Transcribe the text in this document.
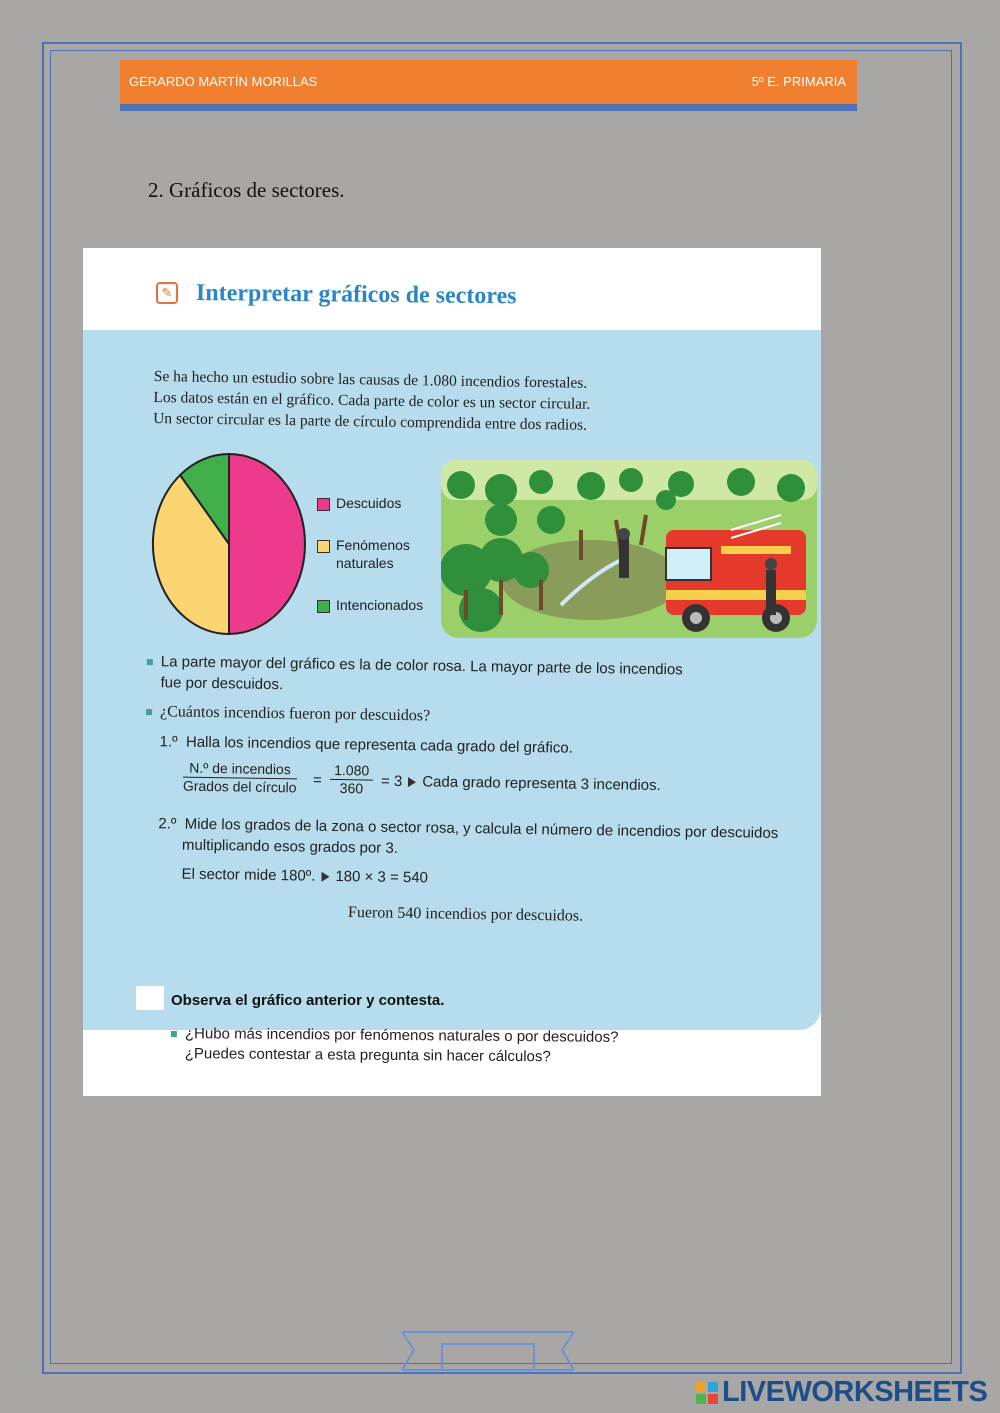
GERARDO MARTÍN MORILLAS	5º E. PRIMARIA
2. Gráficos de sectores.
✎ Interpretar gráficos de sectores
Se ha hecho un estudio sobre las causas de 1.080 incendios forestales.
Los datos están en el gráfico. Cada parte de color es un sector circular.
Un sector circular es la parte de círculo comprendida entre dos radios.
Descuidos
Fenómenos
naturales
Intencionados
La parte mayor del gráfico es la de color rosa. La mayor parte de los incendios
fue por descuidos.
¿Cuántos incendios fueron por descuidos?
1.º Halla los incendios que representa cada grado del gráfico.
N.º de incendios
Grados del círculo = $\frac{1.080}{360} = 3$ Cada grado representa 3 incendios.
2.º Mide los grados de la zona o sector rosa, y calcula el número de incendios por descuidos
multiplicando esos grados por 3.
El sector mide 180º. 180 × 3 = 540
Fueron 540 incendios por descuidos.
Observa el gráfico anterior y contesta.
¿Hubo más incendios por fenómenos naturales o por descuidos?
¿Puedes contestar a esta pregunta sin hacer cálculos?
LIVEWORKSHEETS
